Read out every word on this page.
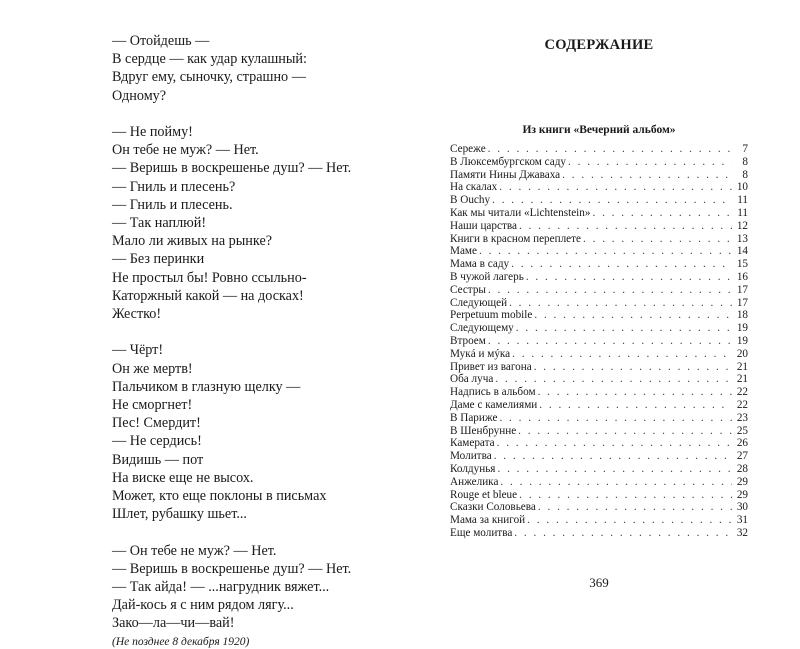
— Отойдешь —
В сердце — как удар кулашный:
Вдруг ему, сыночку, страшно —
Одному?
— Не пойму!
Он тебе не муж? — Нет.
— Веришь в воскрешенье душ? — Нет.
— Гниль и плесень?
— Гниль и плесень.
— Так наплюй!
Мало ли живых на рынке?
— Без перинки
Не простыл бы! Ровно ссыльно-
Каторжный какой — на досках!
Жестко!
— Чёрт!
Он же мертв!
Пальчиком в глазную щелку —
Не сморгнет!
Пес! Смердит!
— Не сердись!
Видишь — пот
На виске еще не высох.
Может, кто еще поклоны в письмах
Шлет, рубашку шьет...
— Он тебе не муж? — Нет.
— Веришь в воскрешенье душ? — Нет.
— Так айда! — ...нагрудник вяжет...
Дай-кось я с ним рядом лягу...
Зако—ла—чи—вай!
(Не позднее 8 декабря 1920)
СОДЕРЖАНИЕ
Из книги «Вечерний альбом»
Сереже . . .	7
В Люксембургском саду . . .	8
Памяти Нины Джаваха . . .	8
На скалах . . .	10
В Ouchy . . .	11
Как мы читали «Lichtenstein» . . .	11
Наши царства . . .	12
Книги в красном переплете . . .	13
Маме . . .	14
Мама в саду . . .	15
В чужой лагерь . . .	16
Сестры . . .	17
Следующей . . .	17
Perpetuum mobile . . .	18
Следующему . . .	19
Втроем . . .	19
Мукá и мýка . . .	20
Привет из вагона . . .	21
Оба луча . . .	21
Надпись в альбом . . .	22
Даме с камелиями . . .	22
В Париже . . .	23
В Шенбрунне . . .	25
Камерата . . .	26
Молитва . . .	27
Колдунья . . .	28
Анжелика . . .	29
Rouge et bleue . . .	29
Сказки Соловьева . . .	30
Мама за книгой . . .	31
Еще молитва . . .	32
369
